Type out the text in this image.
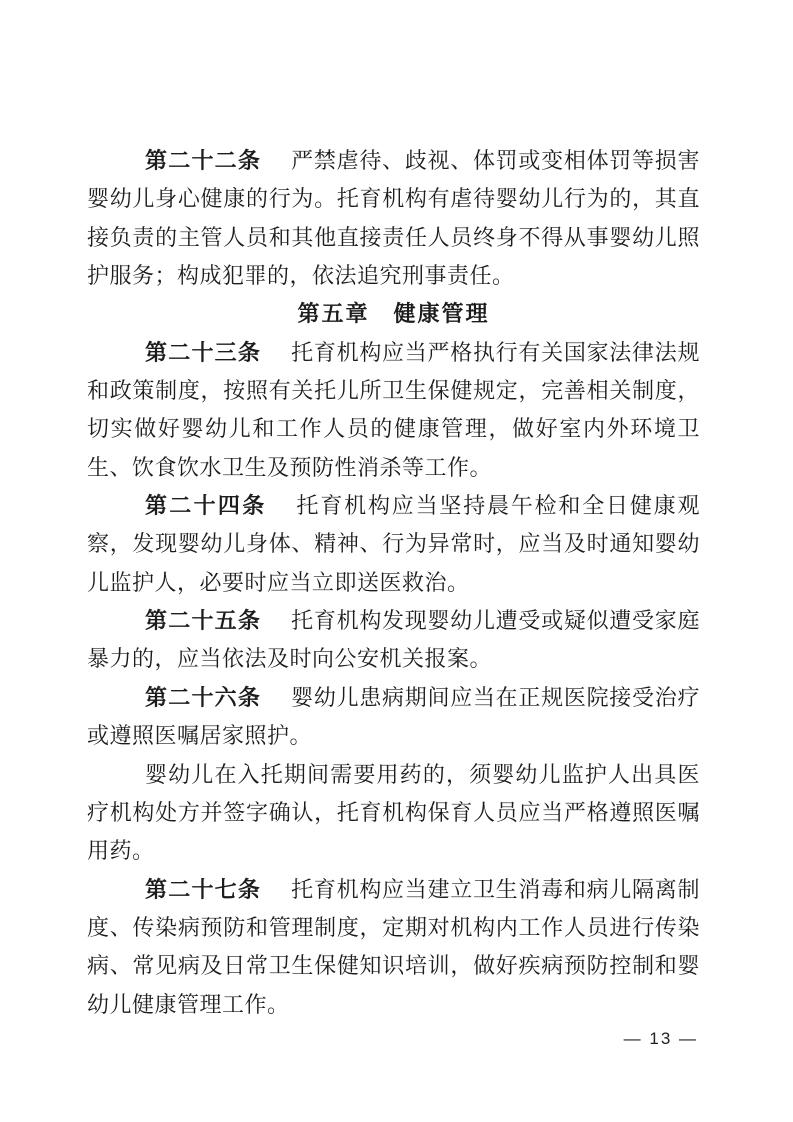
第二十二条 严禁虐待、歧视、体罚或变相体罚等损害婴幼儿身心健康的行为。托育机构有虐待婴幼儿行为的，其直接负责的主管人员和其他直接责任人员终身不得从事婴幼儿照护服务；构成犯罪的，依法追究刑事责任。

第五章　健康管理

第二十三条 托育机构应当严格执行有关国家法律法规和政策制度，按照有关托儿所卫生保健规定，完善相关制度，切实做好婴幼儿和工作人员的健康管理，做好室内外环境卫生、饮食饮水卫生及预防性消杀等工作。

第二十四条 托育机构应当坚持晨午检和全日健康观察，发现婴幼儿身体、精神、行为异常时，应当及时通知婴幼儿监护人，必要时应当立即送医救治。

第二十五条 托育机构发现婴幼儿遭受或疑似遭受家庭暴力的，应当依法及时向公安机关报案。

第二十六条 婴幼儿患病期间应当在正规医院接受治疗或遵照医嘱居家照护。

婴幼儿在入托期间需要用药的，须婴幼儿监护人出具医疗机构处方并签字确认，托育机构保育人员应当严格遵照医嘱用药。

第二十七条 托育机构应当建立卫生消毒和病儿隔离制度、传染病预防和管理制度，定期对机构内工作人员进行传染病、常见病及日常卫生保健知识培训，做好疾病预防控制和婴幼儿健康管理工作。

— 13 —
